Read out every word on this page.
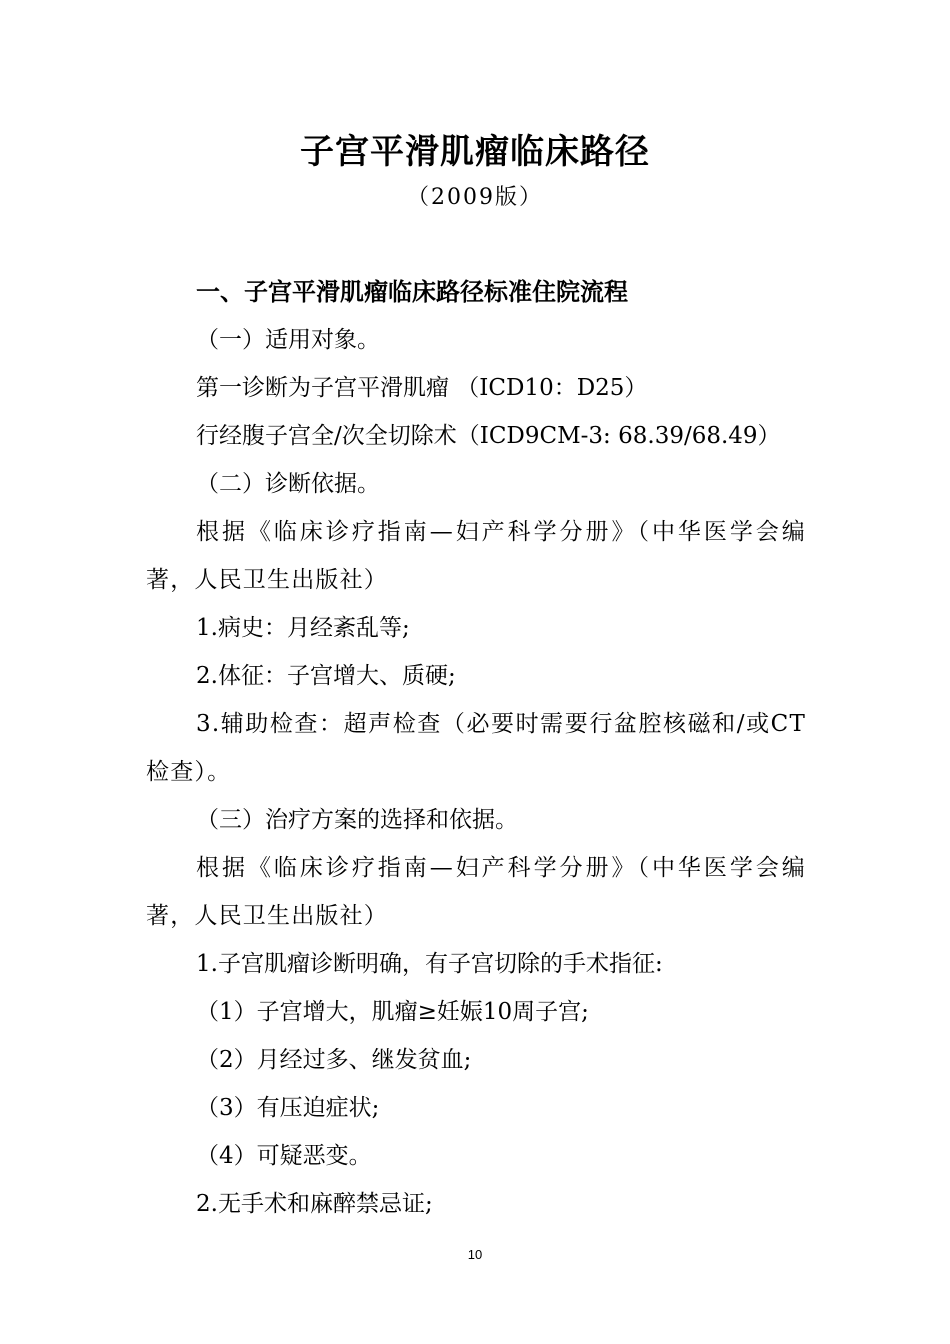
子宫平滑肌瘤临床路径
（2009版）

一、子宫平滑肌瘤临床路径标准住院流程

（一）适用对象。

第一诊断为子宫平滑肌瘤 （ICD10：D25）

行经腹子宫全/次全切除术（ICD9CM-3: 68.39/68.49）

（二）诊断依据。

根据《临床诊疗指南—妇产科学分册》（中华医学会编著，人民卫生出版社）

1.病史：月经紊乱等;

2.体征：子宫增大、质硬;

3.辅助检查：超声检查（必要时需要行盆腔核磁和/或CT检查）。

（三）治疗方案的选择和依据。

根据《临床诊疗指南—妇产科学分册》（中华医学会编著，人民卫生出版社）

1.子宫肌瘤诊断明确，有子宫切除的手术指征:

（1）子宫增大，肌瘤≥妊娠10周子宫;

（2）月经过多、继发贫血;

（3）有压迫症状;

（4）可疑恶变。

2.无手术和麻醉禁忌证;

10
